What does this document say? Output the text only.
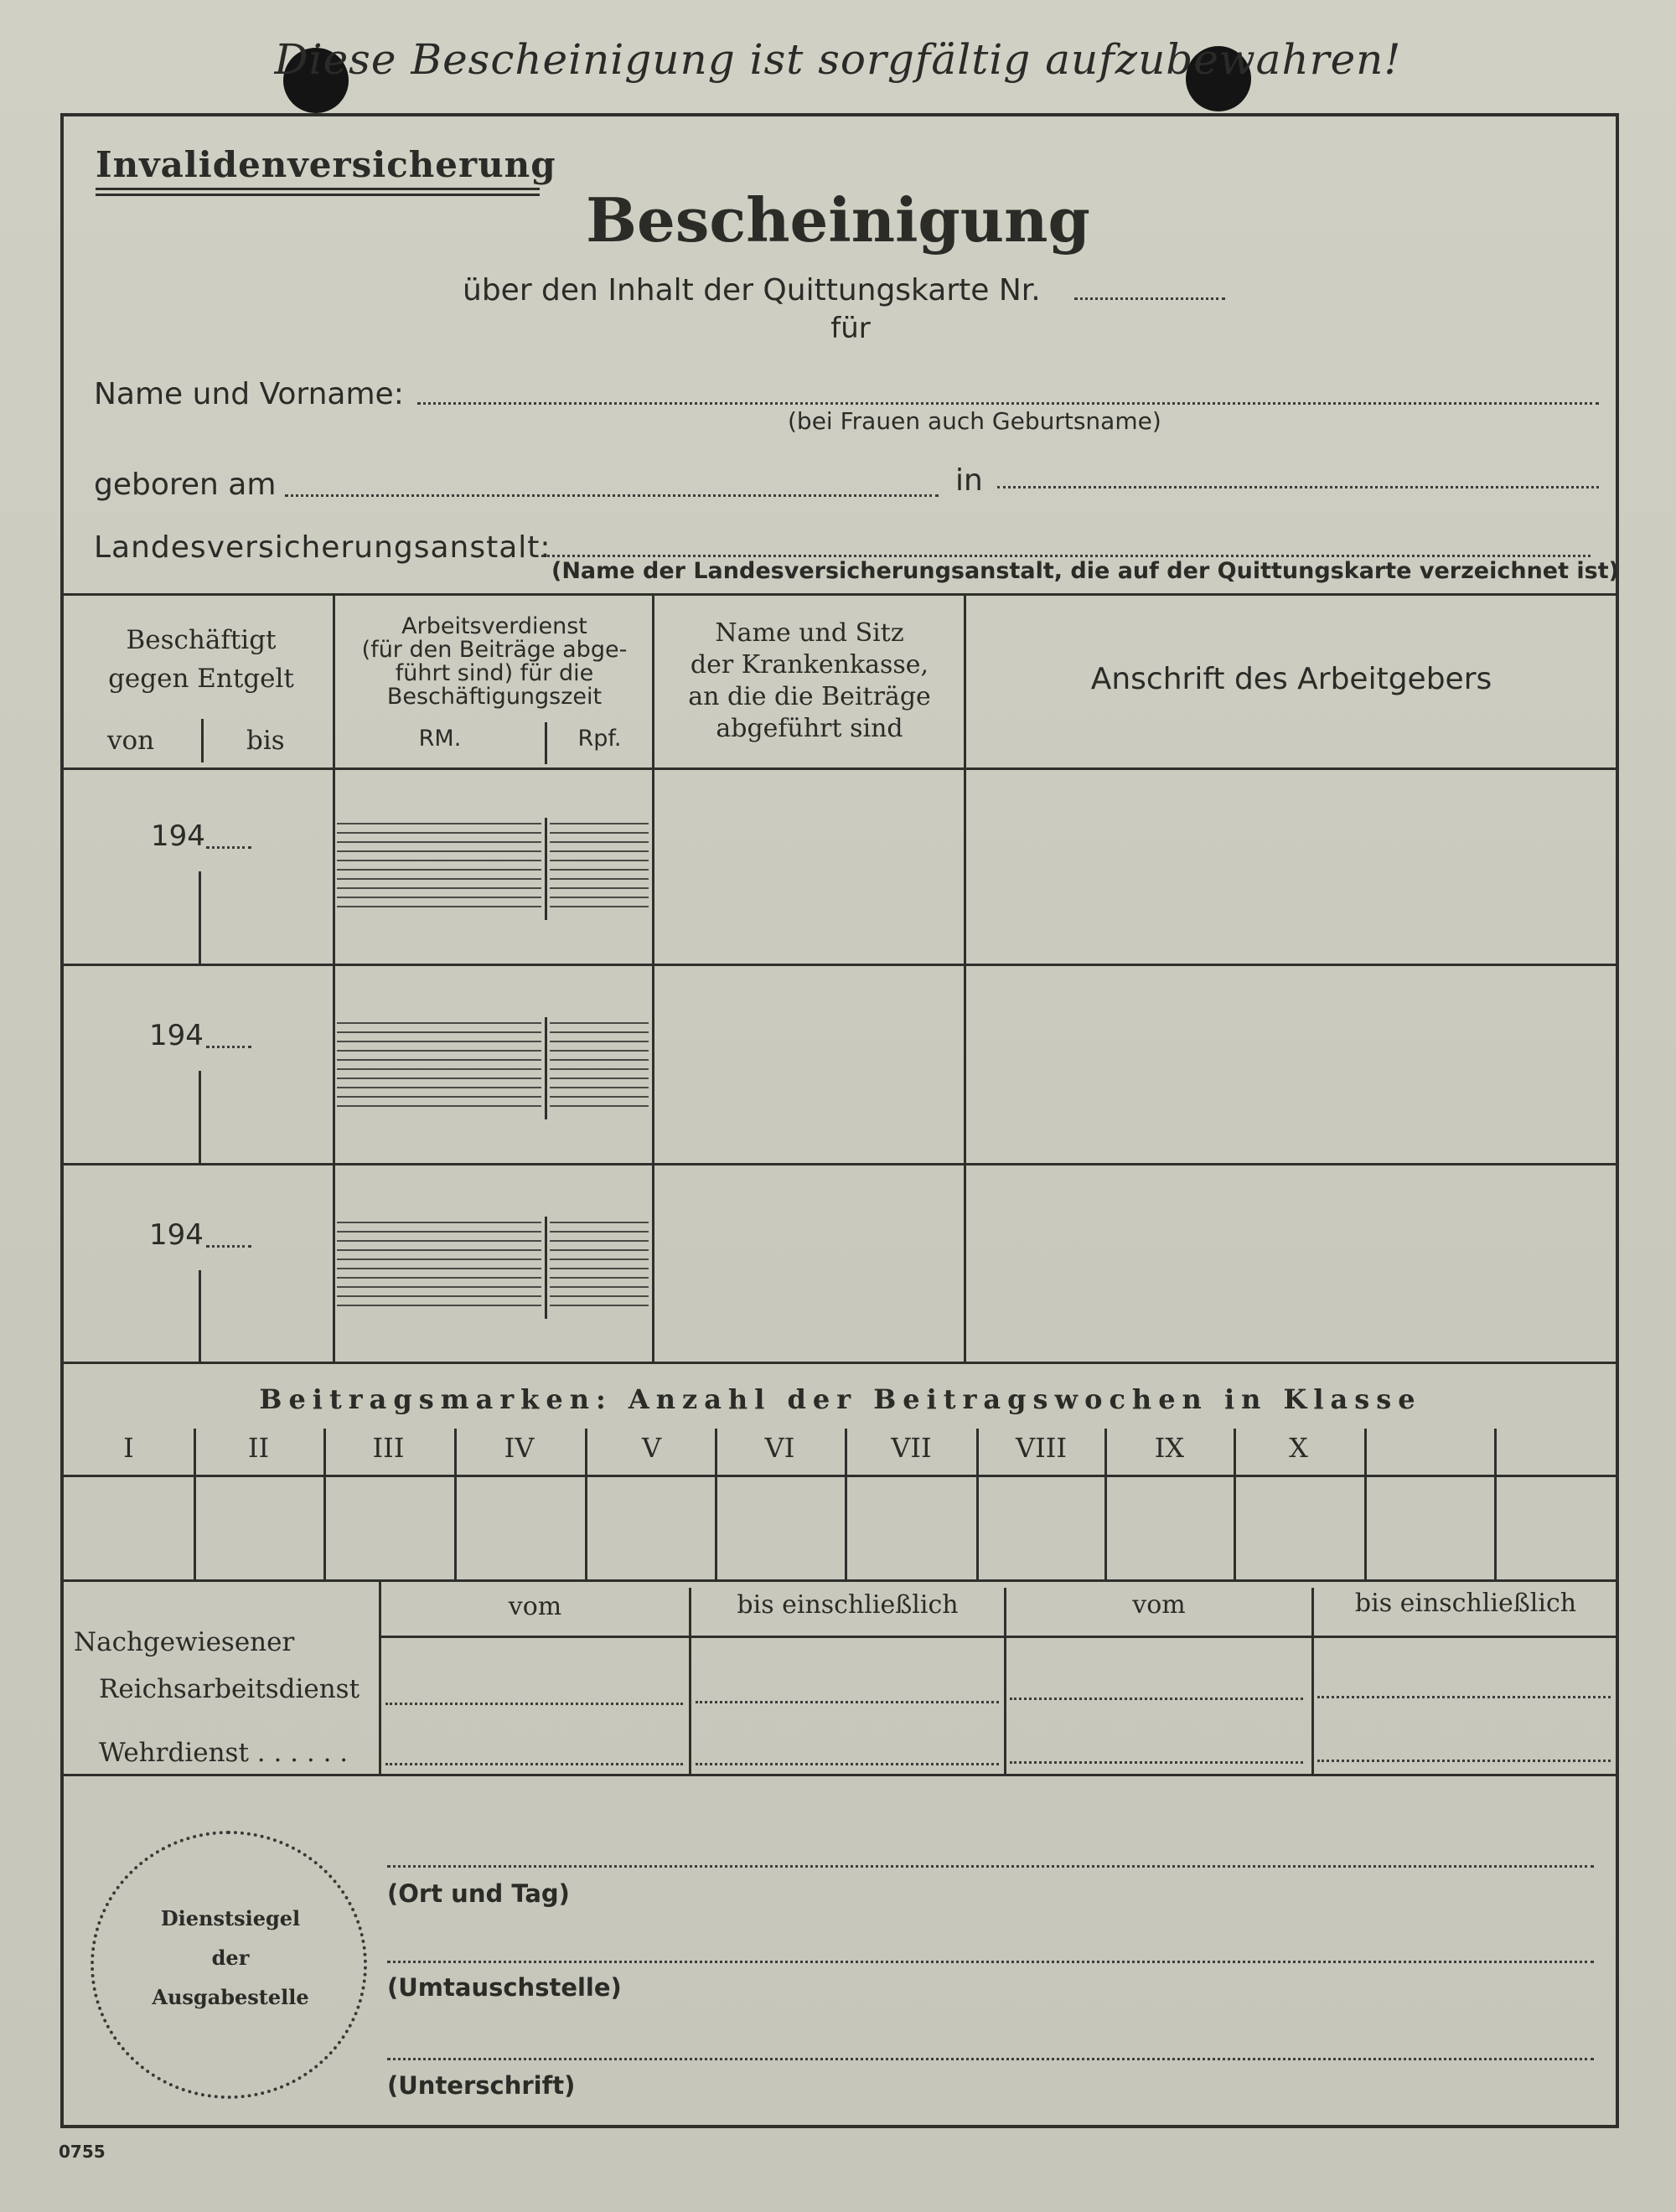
Diese Bescheinigung ist sorgfältig aufzubewahren!
Invalidenversicherung
Bescheinigung
über den Inhalt der Quittungskarte Nr.
für
Name und Vorname:
(bei Frauen auch Geburtsname)
geboren am	in
Landesversicherungsanstalt:
(Name der Landesversicherungsanstalt, die auf der Quittungskarte verzeichnet ist)
Beschäftigt
gegen Entgelt
von	bis
Arbeitsverdienst
(für den Beiträge abge-
führt sind) für die
Beschäftigungszeit
RM.	Rpf.
Name und Sitz
der Krankenkasse,
an die die Beiträge
abgeführt sind
Anschrift des Arbeitgebers
194
194
194
Beitragsmarken: Anzahl der Beitragswochen in Klasse
I	II	III	IV	V	VI	VII	VIII	IX	X
vom	bis einschließlich	vom	bis einschließlich
Nachgewiesener
Reichsarbeitsdienst
Wehrdienst . . . . . .
Dienstsiegel
der
Ausgabestelle
(Ort und Tag)
(Umtauschstelle)
(Unterschrift)
0755
